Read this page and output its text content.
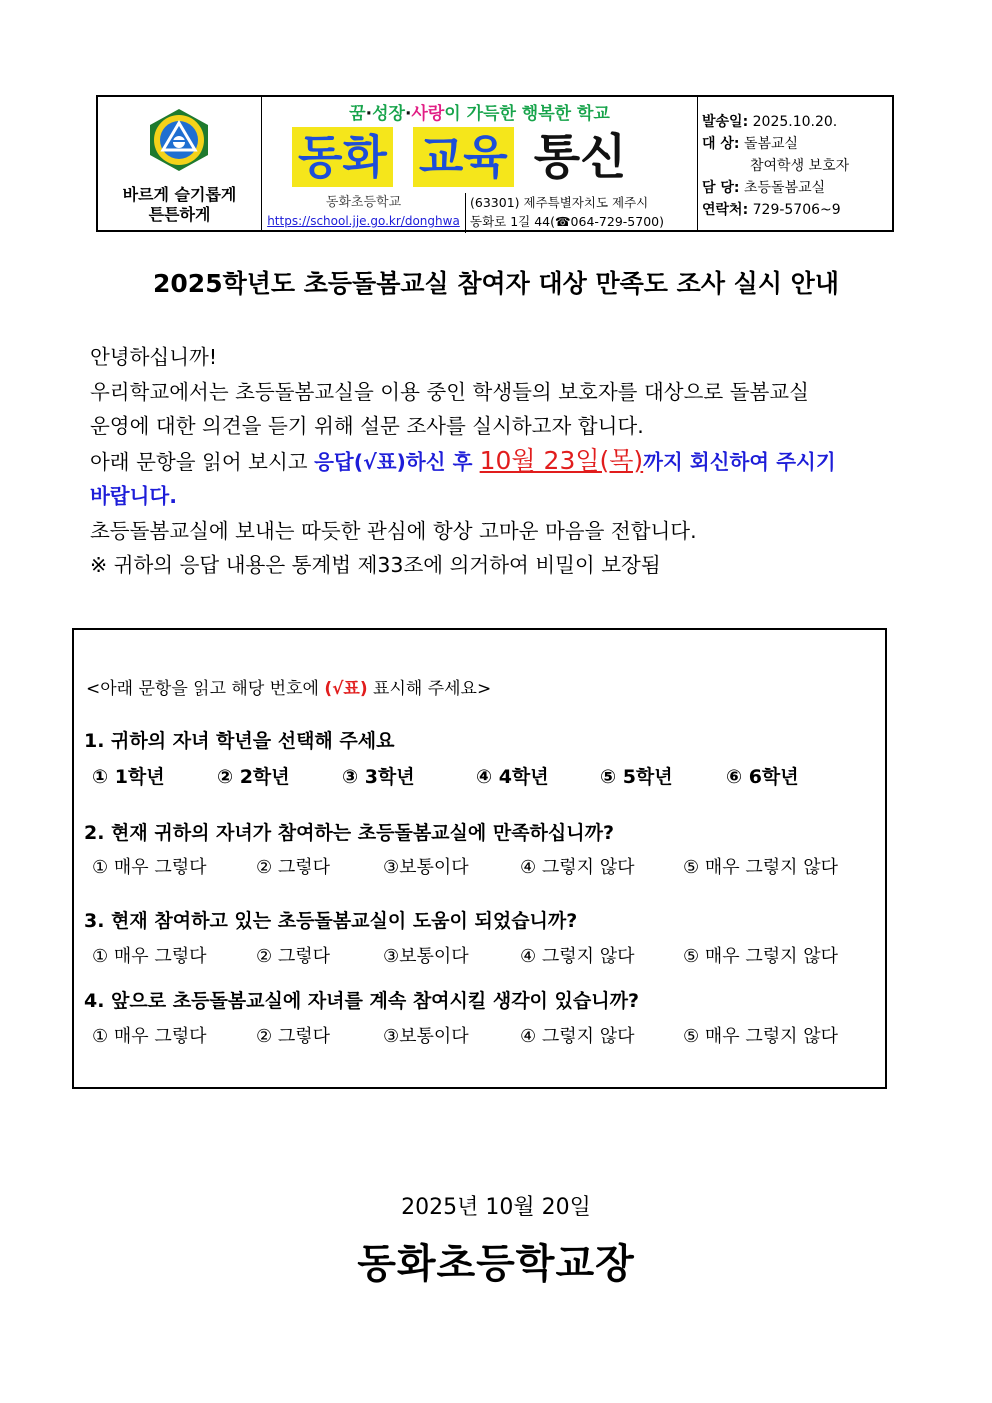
바르게 슬기롭게
튼튼하게
꿈·성장·사랑이 가득한 행복한 학교
동화 교육 통신
동화초등학교
https://school.jje.go.kr/donghwa
(63301) 제주특별자치도 제주시
동화로 1길 44(☎064-729-5700)
발송일: 2025.10.20.
대 상: 돌봄교실
참여학생 보호자
담 당: 초등돌봄교실
연락처: 729-5706~9
2025학년도 초등돌봄교실 참여자 대상 만족도 조사 실시 안내

안녕하십니까!

우리학교에서는 초등돌봄교실을 이용 중인 학생들의 보호자를 대상으로 돌봄교실

운영에 대한 의견을 듣기 위해 설문 조사를 실시하고자 합니다.

아래 문항을 읽어 보시고 응답(√표)하신 후 10월 23일(목)까지 회신하여 주시기

바랍니다.

초등돌봄교실에 보내는 따듯한 관심에 항상 고마운 마음을 전합니다.

※ 귀하의 응답 내용은 통계법 제33조에 의거하여 비밀이 보장됨

<아래 문항을 읽고 해당 번호에 (√표) 표시해 주세요>
1. 귀하의 자녀 학년을 선택해 주세요
① 1학년	② 2학년	③ 3학년	④ 4학년	⑤ 5학년	⑥ 6학년
2. 현재 귀하의 자녀가 참여하는 초등돌봄교실에 만족하십니까?
① 매우 그렇다	② 그렇다	③보통이다	④ 그렇지 않다	⑤ 매우 그렇지 않다
3. 현재 참여하고 있는 초등돌봄교실이 도움이 되었습니까?
① 매우 그렇다	② 그렇다	③보통이다	④ 그렇지 않다	⑤ 매우 그렇지 않다
4. 앞으로 초등돌봄교실에 자녀를 계속 참여시킬 생각이 있습니까?
① 매우 그렇다	② 그렇다	③보통이다	④ 그렇지 않다	⑤ 매우 그렇지 않다
2025년 10월 20일
동화초등학교장
